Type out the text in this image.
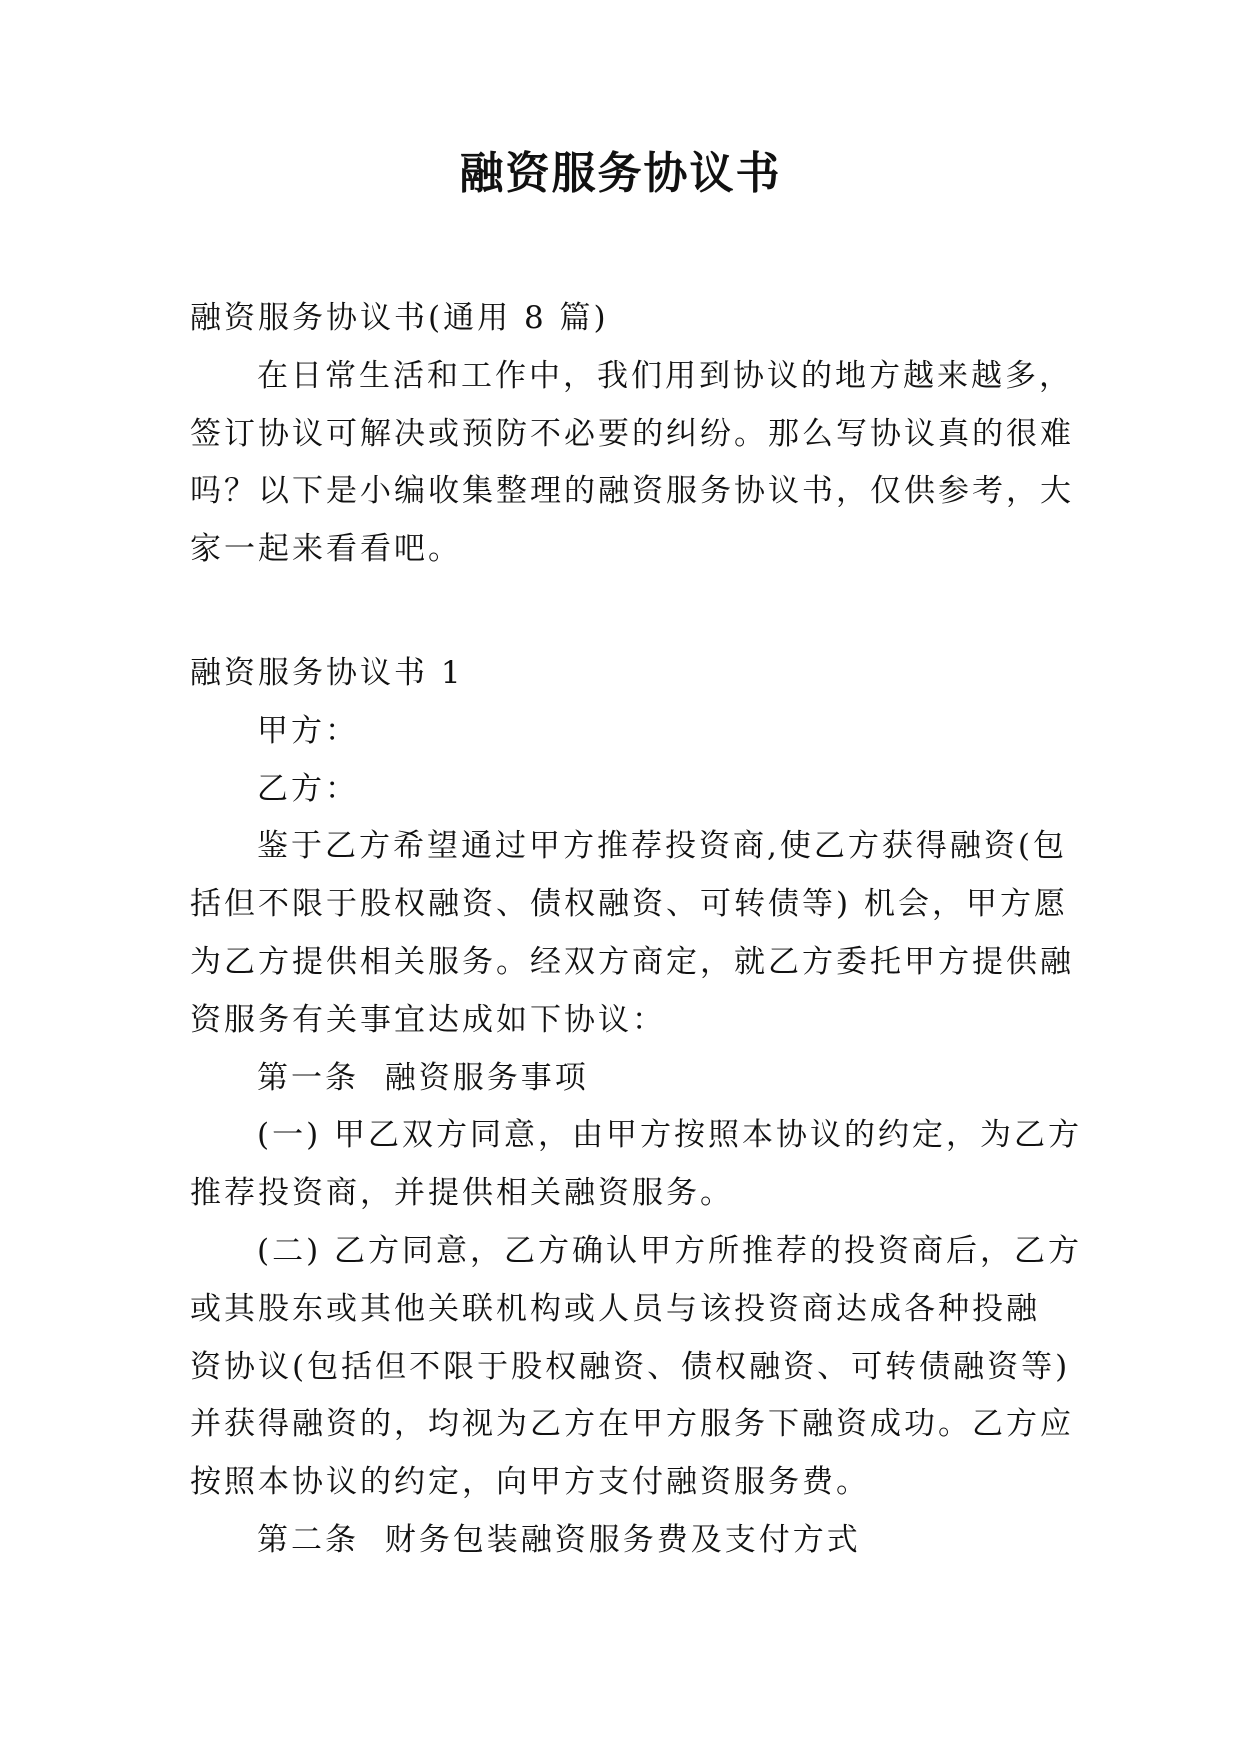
融资服务协议书

融资服务协议书(通用 8 篇)

在日常生活和工作中，我们用到协议的地方越来越多，

签订协议可解决或预防不必要的纠纷。那么写协议真的很难

吗？以下是小编收集整理的融资服务协议书，仅供参考，大

家一起来看看吧。

融资服务协议书 1

甲方：

乙方：

鉴于乙方希望通过甲方推荐投资商,使乙方获得融资(包

括但不限于股权融资、债权融资、可转债等) 机会，甲方愿

为乙方提供相关服务。经双方商定，就乙方委托甲方提供融

资服务有关事宜达成如下协议：

第一条  融资服务事项

(一) 甲乙双方同意，由甲方按照本协议的约定，为乙方

推荐投资商，并提供相关融资服务。

(二) 乙方同意，乙方确认甲方所推荐的投资商后，乙方

或其股东或其他关联机构或人员与该投资商达成各种投融

资协议(包括但不限于股权融资、债权融资、可转债融资等)

并获得融资的，均视为乙方在甲方服务下融资成功。乙方应

按照本协议的约定，向甲方支付融资服务费。

第二条  财务包装融资服务费及支付方式
